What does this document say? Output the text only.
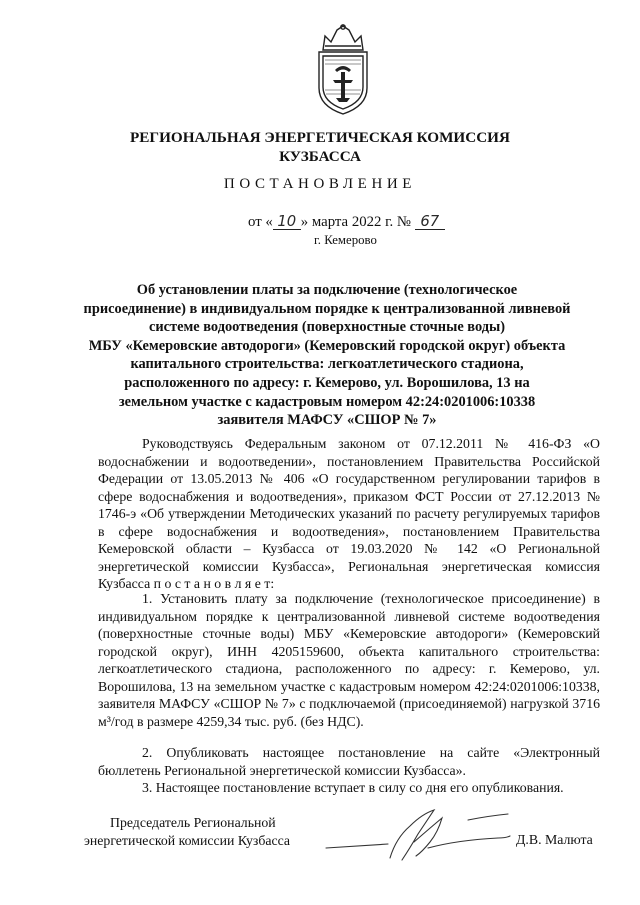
РЕГИОНАЛЬНАЯ ЭНЕРГЕТИЧЕСКАЯ КОМИССИЯ
КУЗБАССА
ПОСТАНОВЛЕНИЕ
от « 10 » марта 2022 г. № 67
г. Кемерово
Об установлении платы за подключение (технологическое
присоединение) в индивидуальном порядке к централизованной ливневой
системе водоотведения (поверхностные сточные воды)
МБУ «Кемеровские автодороги» (Кемеровский городской округ) объекта
капитального строительства: легкоатлетического стадиона,
расположенного по адресу: г. Кемерово, ул. Ворошилова, 13 на
земельном участке с кадастровым номером 42:24:0201006:10338
заявителя МАФСУ «СШОР № 7»
Руководствуясь Федеральным законом от 07.12.2011 № 416-ФЗ «О водоснабжении и водоотведении», постановлением Правительства Российской Федерации от 13.05.2013 № 406 «О государственном регулировании тарифов в сфере водоснабжения и водоотведения», приказом ФСТ России от 27.12.2013 № 1746-э «Об утверждении Методических указаний по расчету регулируемых тарифов в сфере водоснабжения и водоотведения», постановлением Правительства Кемеровской области – Кузбасса от 19.03.2020 № 142 «О Региональной энергетической комиссии Кузбасса», Региональная энергетическая комиссия Кузбасса п о с т а н о в л я е т:
1. Установить плату за подключение (технологическое присоединение) в индивидуальном порядке к централизованной ливневой системе водоотведения (поверхностные сточные воды) МБУ «Кемеровские автодороги» (Кемеровский городской округ), ИНН 4205159600, объекта капитального строительства: легкоатлетического стадиона, расположенного по адресу: г. Кемерово, ул. Ворошилова, 13 на земельном участке с кадастровым номером 42:24:0201006:10338, заявителя МАФСУ «СШОР № 7» с подключаемой (присоединяемой) нагрузкой 3716 м³/год в размере 4259,34 тыс. руб. (без НДС).
2. Опубликовать настоящее постановление на сайте «Электронный бюллетень Региональной энергетической комиссии Кузбасса».
3. Настоящее постановление вступает в силу со дня его опубликования.
Председатель Региональной
энергетической комиссии Кузбасса	Д.В. Малюта
